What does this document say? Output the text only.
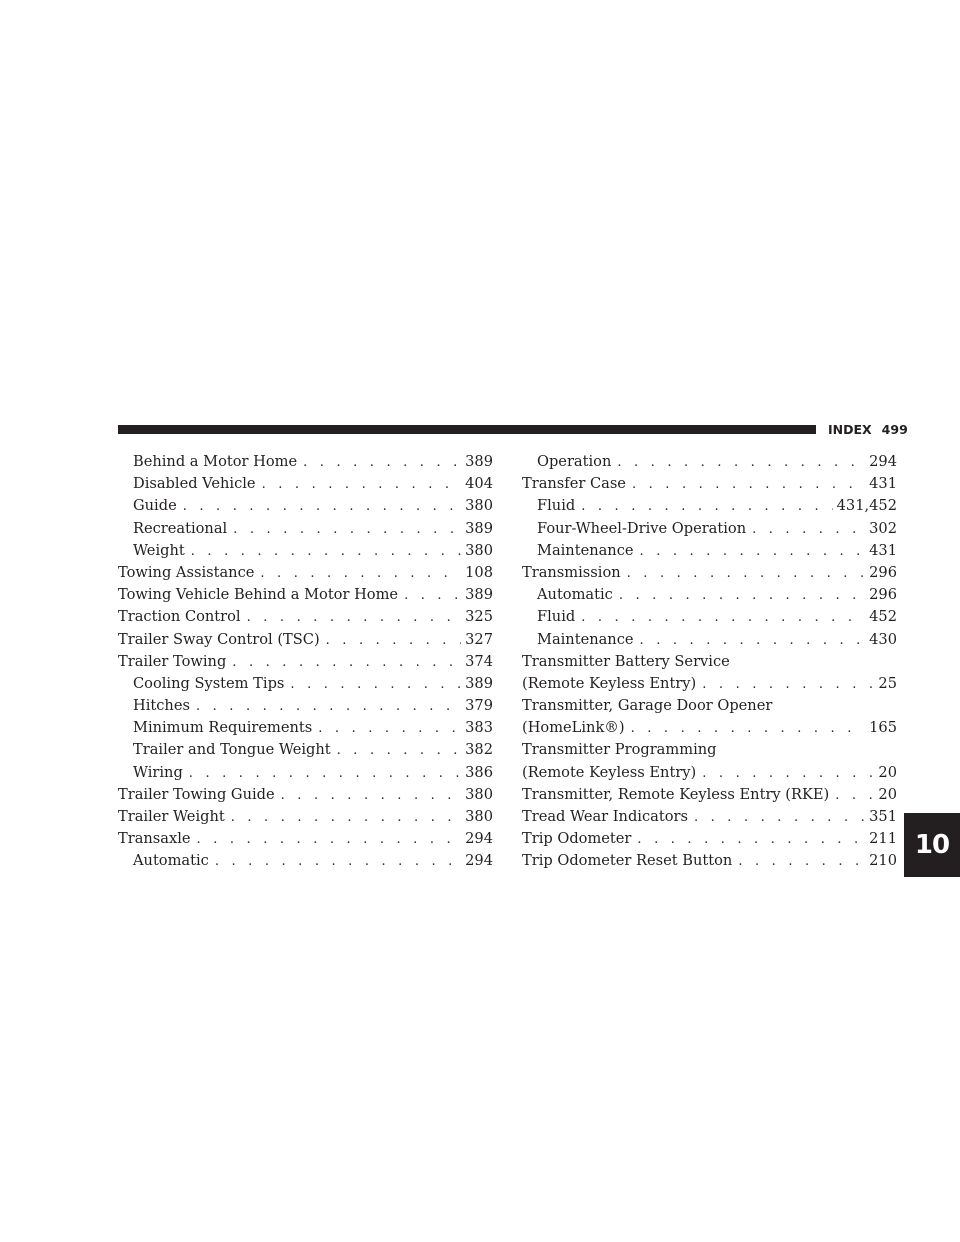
INDEX 499
Behind a Motor Home . . .	389
Disabled Vehicle . . .	404
Guide . . .	380
Recreational . . .	389
Weight . . .	380
Towing Assistance . . .	108
Towing Vehicle Behind a Motor Home . . .	389
Traction Control . . .	325
Trailer Sway Control (TSC) . . .	327
Trailer Towing . . .	374
Cooling System Tips . . .	389
Hitches . . .	379
Minimum Requirements . . .	383
Trailer and Tongue Weight . . .	382
Wiring . . .	386
Trailer Towing Guide . . .	380
Trailer Weight . . .	380
Transaxle . . .	294
Automatic . . .	294
Operation . . .	294
Transfer Case . . .	431
Fluid . . .	431,452
Four-Wheel-Drive Operation . . .	302
Maintenance . . .	431
Transmission . . .	296
Automatic . . .	296
Fluid . . .	452
Maintenance . . .	430
Transmitter Battery Service
(Remote Keyless Entry) . . .	25
Transmitter, Garage Door Opener
(HomeLink®) . . .	165
Transmitter Programming
(Remote Keyless Entry) . . .	20
Transmitter, Remote Keyless Entry (RKE) . . .	20
Tread Wear Indicators . . .	351
Trip Odometer . . .	211
Trip Odometer Reset Button . . .	210
10
